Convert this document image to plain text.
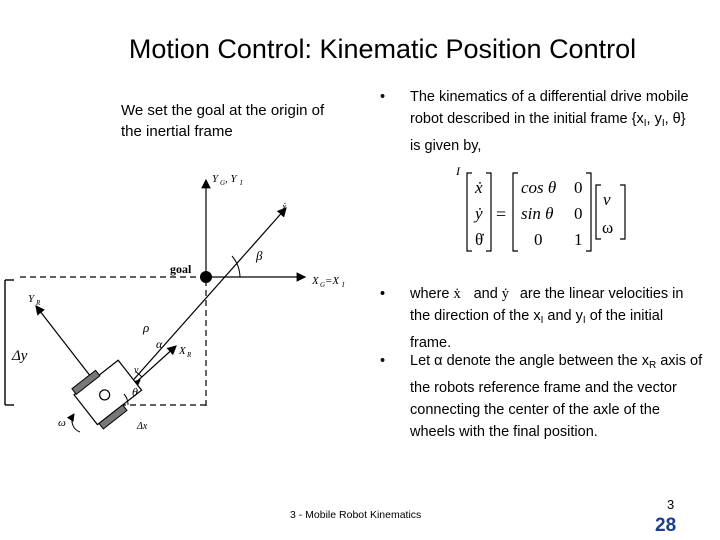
Motion Control: Kinematic Position Control
We set the goal at the origin of the inertial frame
• The kinematics of a differential drive mobile robot described in the initial frame {$x_I$, $y_I$, θ} is given by,
• where ẋ and ẏ are the linear velocities in the direction of the $x_I$ and $y_I$ of the initial frame.
• Let α denote the angle between the $x_R$ axis of the robots reference frame and the vector connecting the center of the axle of the wheels with the final position.
I
ẋ
ẏ
θ̇
=
cos θ 0
sin θ 0
0 1
v
ω
Y G , Y I
ẋ
goal
X G =X I
β
ρ
α X R
Y R
v
θ
ω	Δx
Δy
3 - Mobile Robot Kinematics
3
28
